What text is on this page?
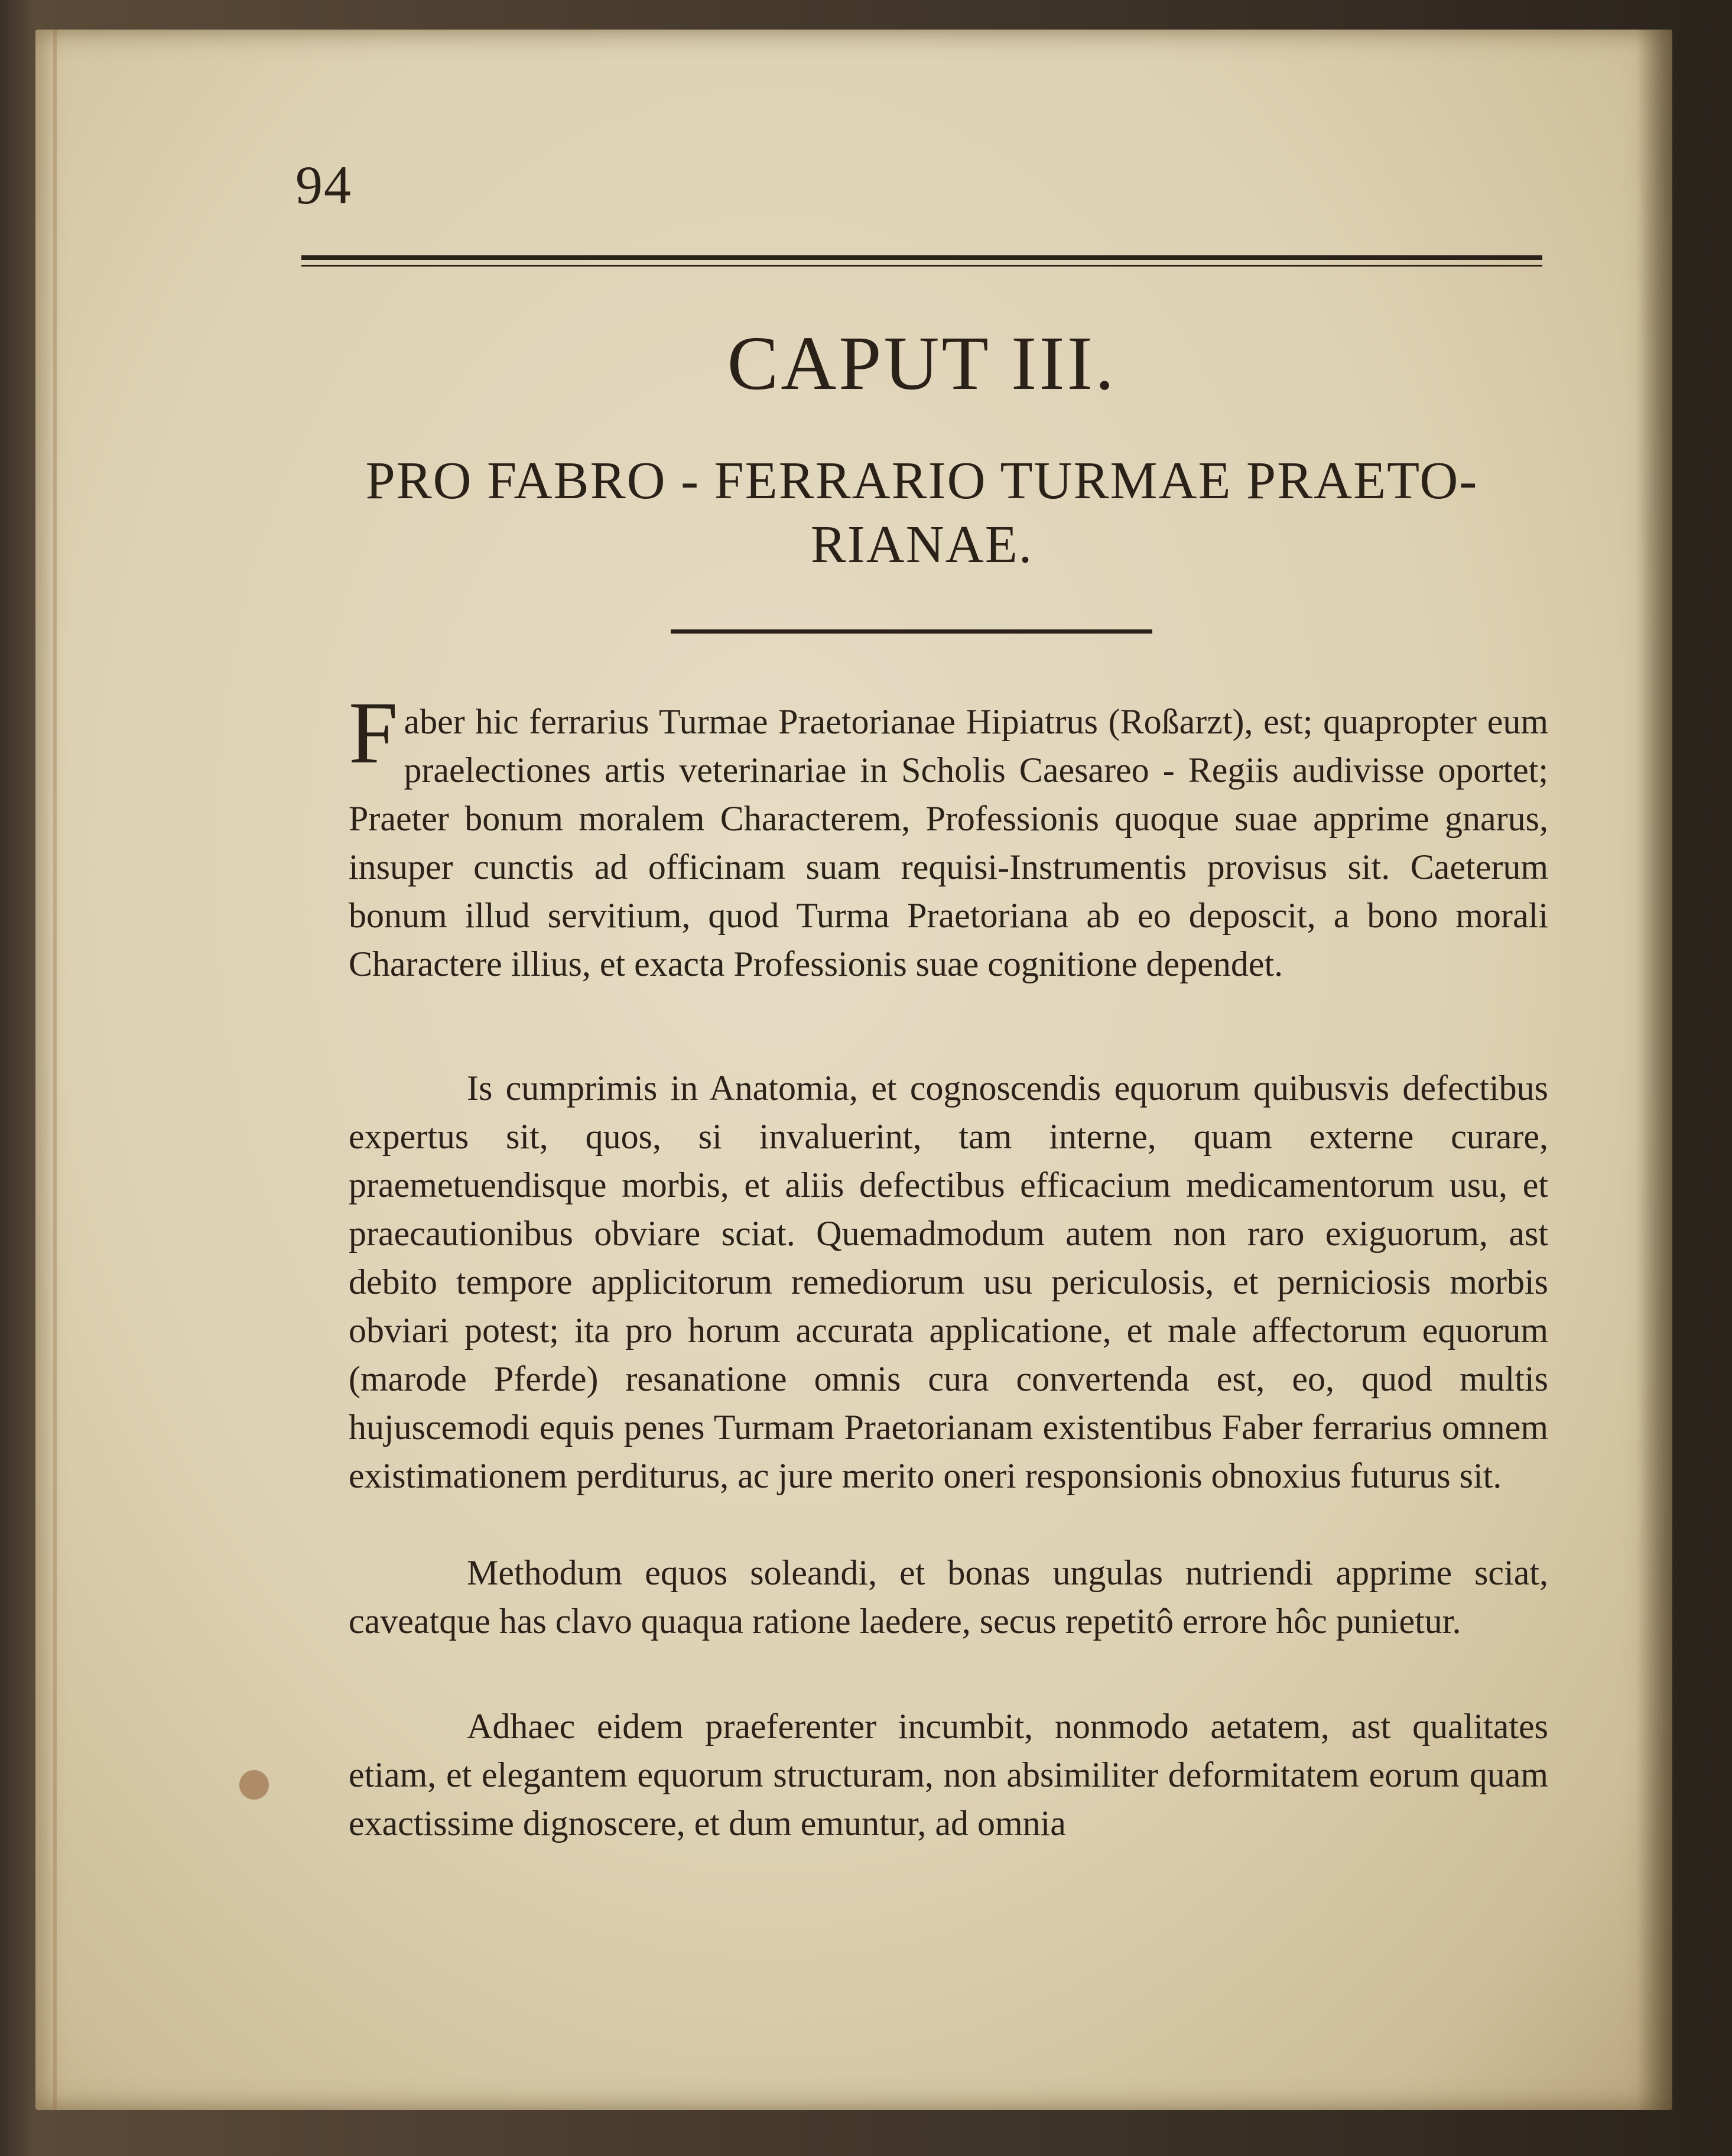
94
CAPUT III.
PRO FABRO - FERRARIO TURMAE PRAETO-
RIANAE.
Faber hic ferrarius Turmae Praetorianae Hipiatrus (Roßarzt), est; quapropter eum praelectiones artis veterinariae in Scholis Caesareo - Regiis audivisse oportet; Praeter bonum moralem Characterem, Professionis quoque suae apprime gnarus, insuper cunctis ad officinam suam requisi-Instrumentis provisus sit. Caeterum bonum illud servitium, quod Turma Praetoriana ab eo deposcit, a bono morali Charactere illius, et exacta Professionis suae cognitione dependet.
Is cumprimis in Anatomia, et cognoscendis equorum quibusvis defectibus expertus sit, quos, si invaluerint, tam interne, quam externe curare, praemetuendisque morbis, et aliis defectibus efficacium medicamentorum usu, et praecautionibus obviare sciat. Quemadmodum autem non raro exiguorum, ast debito tempore applicitorum remediorum usu periculosis, et perniciosis morbis obviari potest; ita pro horum accurata applicatione, et male affectorum equorum (marode Pferde) resanatione omnis cura convertenda est, eo, quod multis hujuscemodi equis penes Turmam Praetorianam existentibus Faber ferrarius omnem existimationem perditurus, ac jure merito oneri responsionis obnoxius futurus sit.
Methodum equos soleandi, et bonas ungulas nutriendi apprime sciat, caveatque has clavo quaqua ratione laedere, secus repetitô errore hôc punietur.
Adhaec eidem praeferenter incumbit, nonmodo aetatem, ast qualitates etiam, et elegantem equorum structuram, non absimiliter deformitatem eorum quam exactissime dignoscere, et dum emuntur, ad omnia
